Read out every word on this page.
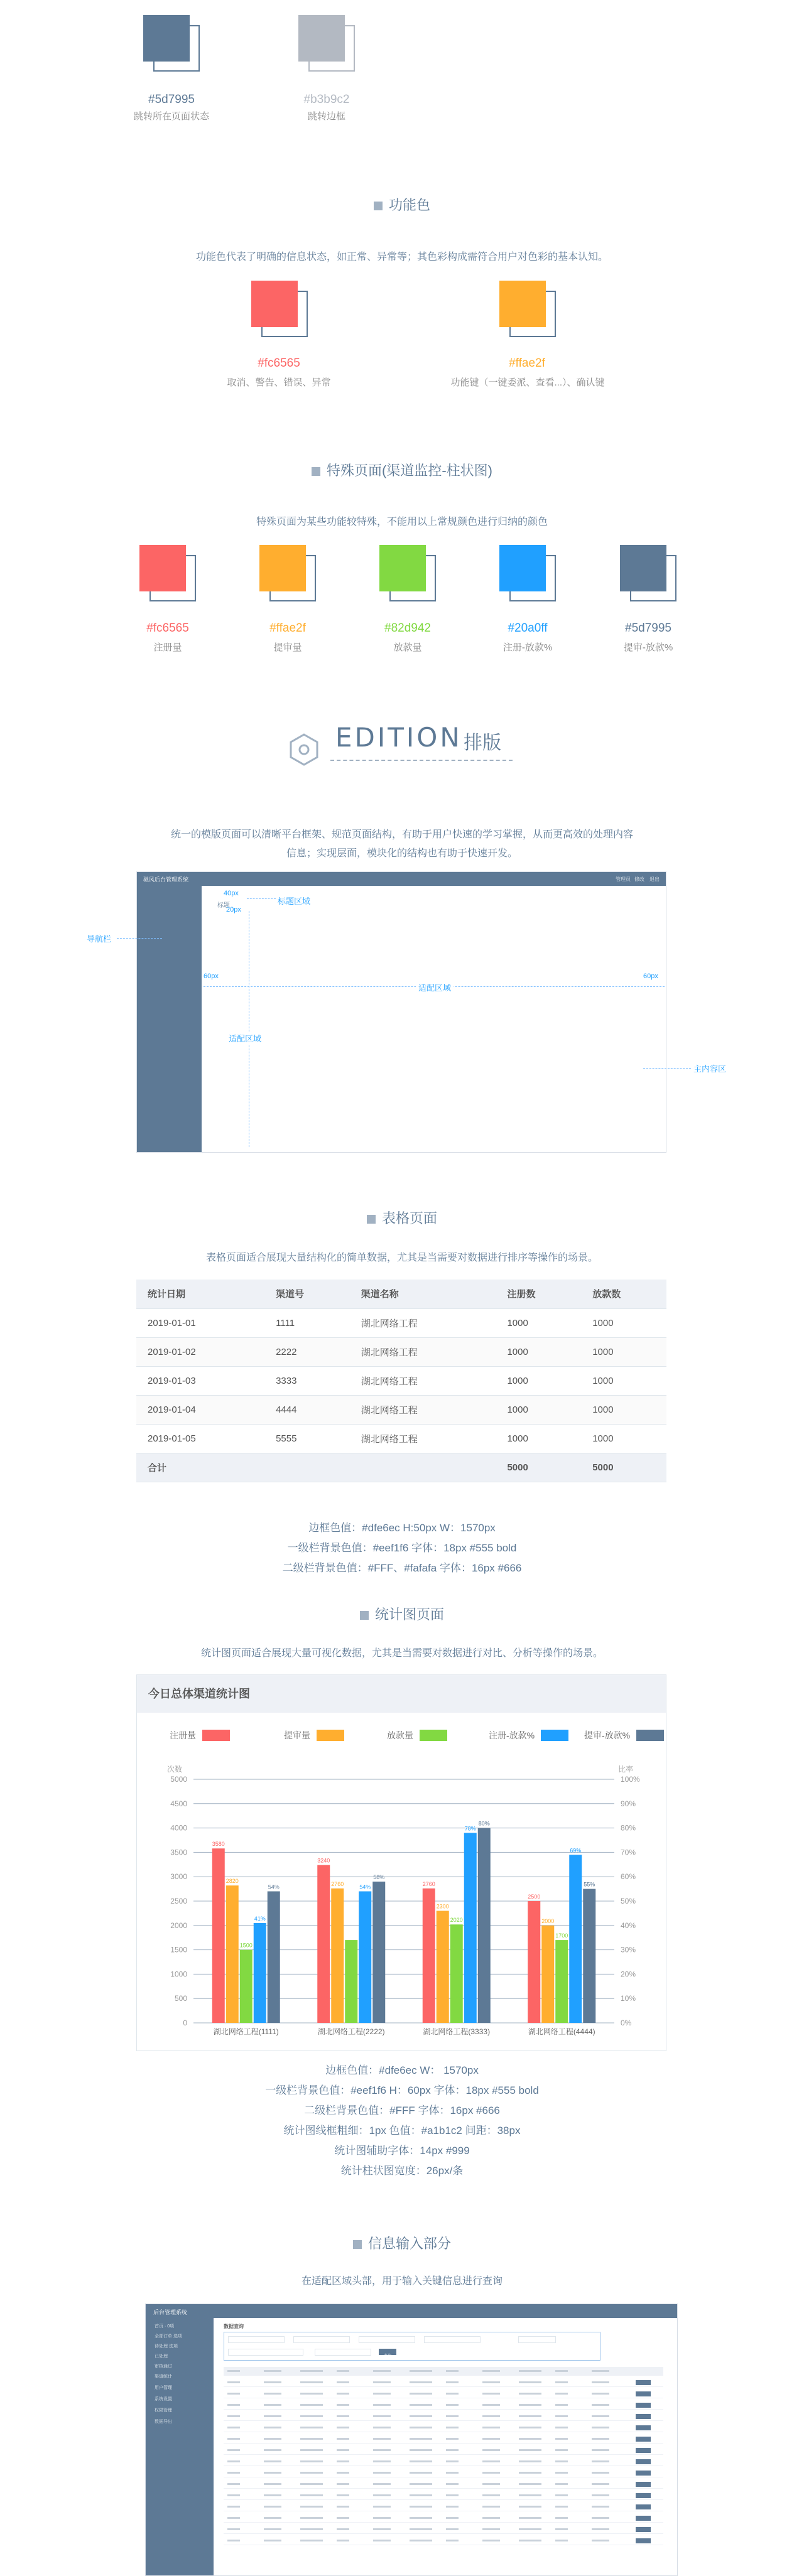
#5d7995
跳转所在页面状态
#b3b9c2
跳转边框
功能色
功能色代表了明确的信息状态，如正常、异常等；其色彩构成需符合用户对色彩的基本认知。
#fc6565
取消、警告、错误、异常
#ffae2f
功能键（一键委派、查看...）、确认键
特殊页面(渠道监控-柱状图)
特殊页面为某些功能较特殊，不能用以上常规颜色进行归纳的颜色
#fc6565
注册量
#ffae2f
提审量
#82d942
放款量
#20a0ff
注册-放款%
#5d7995
提审-放款%
EDITION 排版
统一的模版页面可以清晰平台框架、规范页面结构，有助于用户快速的学习掌握，从而更高效的处理内容
信息；实现层面，模块化的结构也有助于快速开发。
驰风后台管理系统	管理员 修改 退出
标题
40px
20px
标题区域
60px	60px
适配区域
适配区域
导航栏
主内容区
表格页面
表格页面适合展现大量结构化的简单数据，尤其是当需要对数据进行排序等操作的场景。
统计日期	渠道号	渠道名称	注册数	放款数
2019-01-01	1111	湖北网络工程	1000	1000
2019-01-02	2222	湖北网络工程	1000	1000
2019-01-03	3333	湖北网络工程	1000	1000
2019-01-04	4444	湖北网络工程	1000	1000
2019-01-05	5555	湖北网络工程	1000	1000
合计			5000	5000
边框色值：#dfe6ec H:50px W：1570px
一级栏背景色值：#eef1f6 字体：18px #555 bold
二级栏背景色值：#FFF、#fafafa 字体：16px #666
统计图页面
统计图页面适合展现大量可视化数据，尤其是当需要对数据进行对比、分析等操作的场景。
今日总体渠道统计图
注册量	提审量	放款量	注册-放款%	提审-放款%
0	0%
500	10%
1000	20%
1500	30%
2000	40%
2500	50%
3000	60%
3500	70%
4000	80%
4500	90%
5000	100%
次数	比率
3580
2820
1500
41%
54%
湖北网络工程(1111)
3240
2760	54%
58%
湖北网络工程(2222)
2760
2300
2020
78%
80%
湖北网络工程(3333)
2500
2000
1700
69%
55%
湖北网络工程(4444)
边框色值：#dfe6ec W： 1570px
一级栏背景色值：#eef1f6 H：60px 字体：18px #555 bold
二级栏背景色值：#FFF 字体：16px #666
统计图线框粗细：1px 色值：#a1b1c2 间距：38px
统计图辅助字体：14px #999
统计柱状图宽度：26px/条
信息输入部分
在适配区域头部，用于输入关键信息进行查询
后台管理系统
首页 · 0项
全部订单 选项
待处理 选项
已处理
审核通过
渠道统计
用户管理
系统设置
权限管理
数据导出
数据查询
查询
